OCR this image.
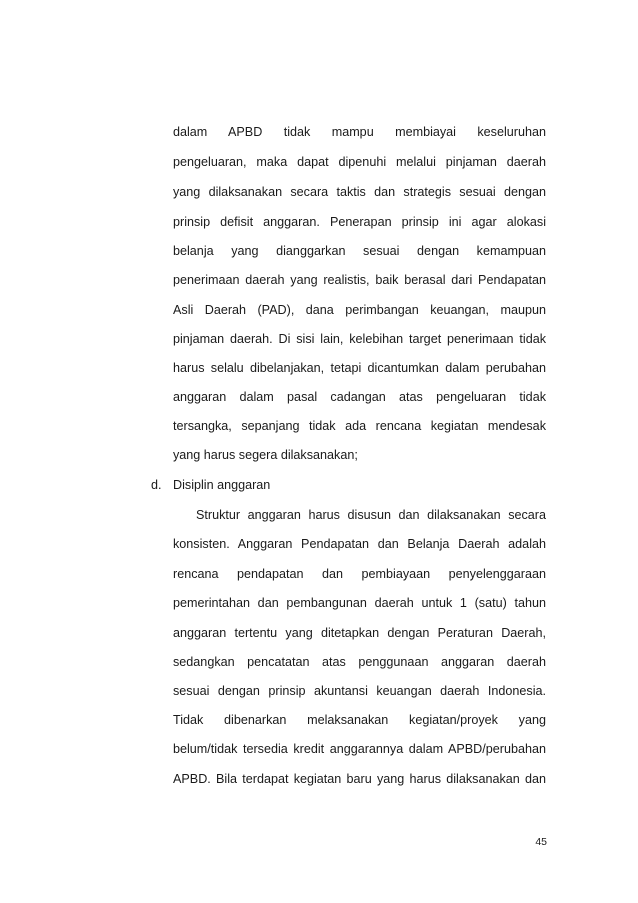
dalam APBD tidak mampu membiayai keseluruhan
pengeluaran, maka dapat dipenuhi melalui pinjaman daerah
yang dilaksanakan secara taktis dan strategis sesuai dengan
prinsip defisit anggaran. Penerapan prinsip ini agar alokasi
belanja yang dianggarkan sesuai dengan kemampuan
penerimaan daerah yang realistis, baik berasal dari Pendapatan
Asli Daerah (PAD), dana perimbangan keuangan, maupun
pinjaman daerah. Di sisi lain, kelebihan target penerimaan tidak
harus selalu dibelanjakan, tetapi dicantumkan dalam perubahan
anggaran dalam pasal cadangan atas pengeluaran tidak
tersangka, sepanjang tidak ada rencana kegiatan mendesak
yang harus segera dilaksanakan;
d. Disiplin anggaran
Struktur anggaran harus disusun dan dilaksanakan secara
konsisten. Anggaran Pendapatan dan Belanja Daerah adalah
rencana pendapatan dan pembiayaan penyelenggaraan
pemerintahan dan pembangunan daerah untuk 1 (satu) tahun
anggaran tertentu yang ditetapkan dengan Peraturan Daerah,
sedangkan pencatatan atas penggunaan anggaran daerah
sesuai dengan prinsip akuntansi keuangan daerah Indonesia.
Tidak dibenarkan melaksanakan kegiatan/proyek yang
belum/tidak tersedia kredit anggarannya dalam APBD/perubahan
APBD. Bila terdapat kegiatan baru yang harus dilaksanakan dan
45
